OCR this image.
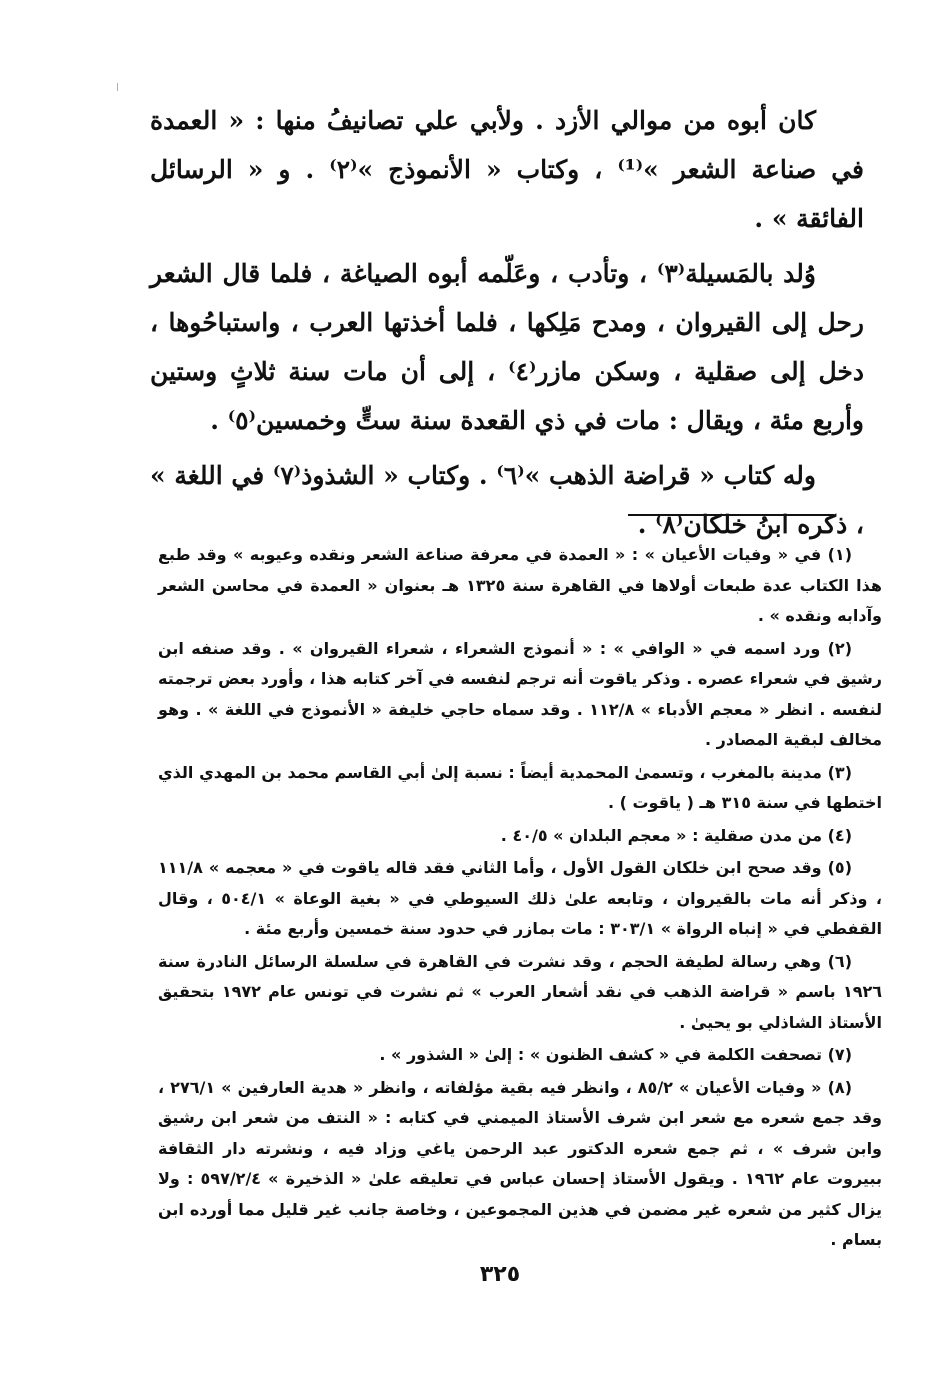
كان أبوه من موالي الأزد . ولأبي علي تصانيفُ منها : « العمدة في صناعة الشعر »⁽¹⁾ ، وكتاب « الأنموذج »⁽٢⁾ . و « الرسائل الفائقة » .

وُلد بالمَسيلة⁽٣⁾ ، وتأدب ، وعَلّمه أبوه الصياغة ، فلما قال الشعر رحل إلى القيروان ، ومدح مَلِكها ، فلما أخذتها العرب ، واستباحُوها ، دخل إلى صقلية ، وسكن مازر⁽٤⁾ ، إلى أن مات سنة ثلاثٍ وستين وأربع مئة ، ويقال : مات في ذي القعدة سنة ستٍّ وخمسين⁽٥⁾ .

وله كتاب « قراضة الذهب »⁽٦⁾ . وكتاب « الشذوذ⁽٧⁾ في اللغة » ، ذكره ابنُ خلكان⁽٨⁾ .

(١) في « وفيات الأعيان » : « العمدة في معرفة صناعة الشعر ونقده وعيوبه » وقد طبع هذا الكتاب عدة طبعات أولاها في القاهرة سنة ١٣٢٥ هـ بعنوان « العمدة في محاسن الشعر وآدابه ونقده » .

(٢) ورد اسمه في « الوافي » : « أنموذج الشعراء ، شعراء القيروان » . وقد صنفه ابن رشيق في شعراء عصره . وذكر ياقوت أنه ترجم لنفسه في آخر كتابه هذا ، وأورد بعض ترجمته لنفسه . انظر « معجم الأدباء » ١١٢/٨ . وقد سماه حاجي خليفة « الأنموذج في اللغة » . وهو مخالف لبقية المصادر .

(٣) مدينة بالمغرب ، وتسمىٰ المحمدية أيضاً : نسبة إلىٰ أبي القاسم محمد بن المهدي الذي اختطها في سنة ٣١٥ هـ ( ياقوت ) .

(٤) من مدن صقلية : « معجم البلدان » ٤٠/٥ .

(٥) وقد صحح ابن خلكان القول الأول ، وأما الثاني فقد قاله ياقوت في « معجمه » ١١١/٨ ، وذكر أنه مات بالقيروان ، وتابعه علىٰ ذلك السيوطي في « بغية الوعاة » ٥٠٤/١ ، وقال القفطي في « إنباه الرواة » ٣٠٣/١ : مات بمازر في حدود سنة خمسين وأربع مئة .

(٦) وهي رسالة لطيفة الحجم ، وقد نشرت في القاهرة في سلسلة الرسائل النادرة سنة ١٩٢٦ باسم « قراضة الذهب في نقد أشعار العرب » ثم نشرت في تونس عام ١٩٧٢ بتحقيق الأستاذ الشاذلي بو يحيىٰ .

(٧) تصحفت الكلمة في « كشف الظنون » : إلىٰ « الشذور » .

(٨) « وفيات الأعيان » ٨٥/٢ ، وانظر فيه بقية مؤلفاته ، وانظر « هدية العارفين » ٢٧٦/١ ، وقد جمع شعره مع شعر ابن شرف الأستاذ الميمني في كتابه : « النتف من شعر ابن رشيق وابن شرف » ، ثم جمع شعره الدكتور عبد الرحمن ياغي وزاد فيه ، ونشرته دار الثقافة ببيروت عام ١٩٦٢ . ويقول الأستاذ إحسان عباس في تعليقه علىٰ « الذخيرة » ٥٩٧/٢/٤ : ولا يزال كثير من شعره غير مضمن في هذين المجموعين ، وخاصة جانب غير قليل مما أورده ابن بسام .

٣٢٥
